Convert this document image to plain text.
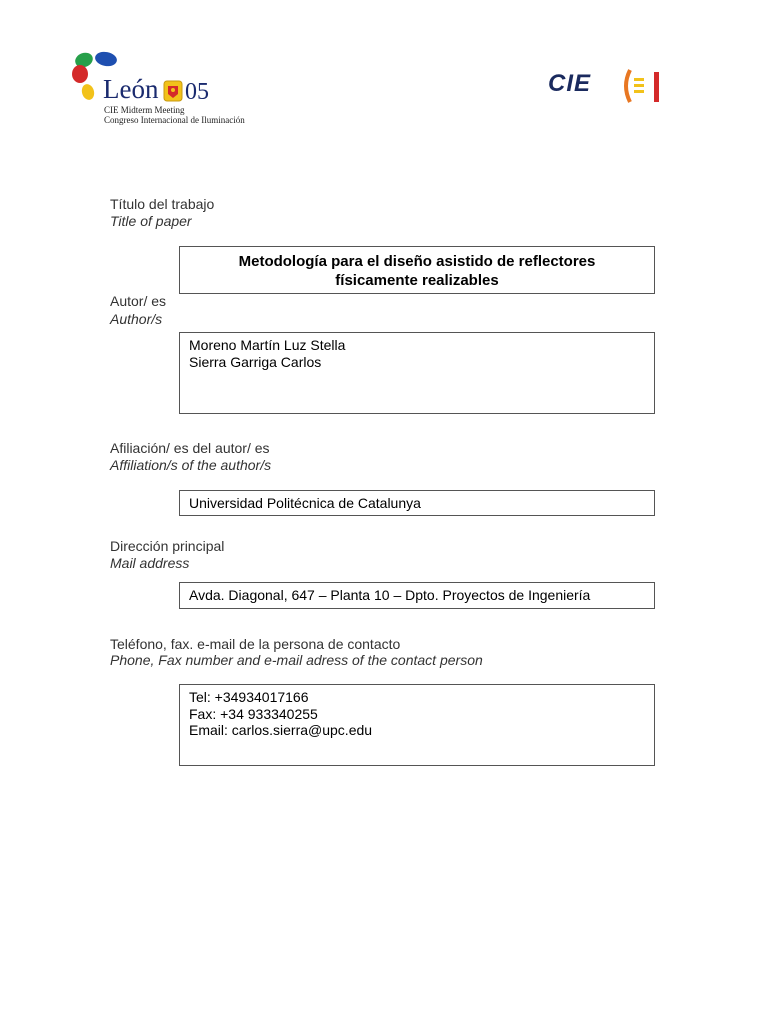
León 05
CIE Midterm Meeting
Congreso Internacional de Iluminación
CIE
Título del trabajo
Title of paper
Metodología para el diseño asistido de reflectores
físicamente realizables
Autor/ es
Author/s
Moreno Martín Luz Stella
Sierra Garriga Carlos
Afiliación/ es del autor/ es
Affiliation/s of the author/s
Universidad Politécnica de Catalunya
Dirección principal
Mail address
Avda. Diagonal, 647 – Planta 10 – Dpto. Proyectos de Ingeniería
Teléfono, fax. e-mail de la persona de contacto
Phone, Fax number and e-mail adress of the contact person
Tel: +34934017166
Fax: +34 933340255
Email: carlos.sierra@upc.edu
